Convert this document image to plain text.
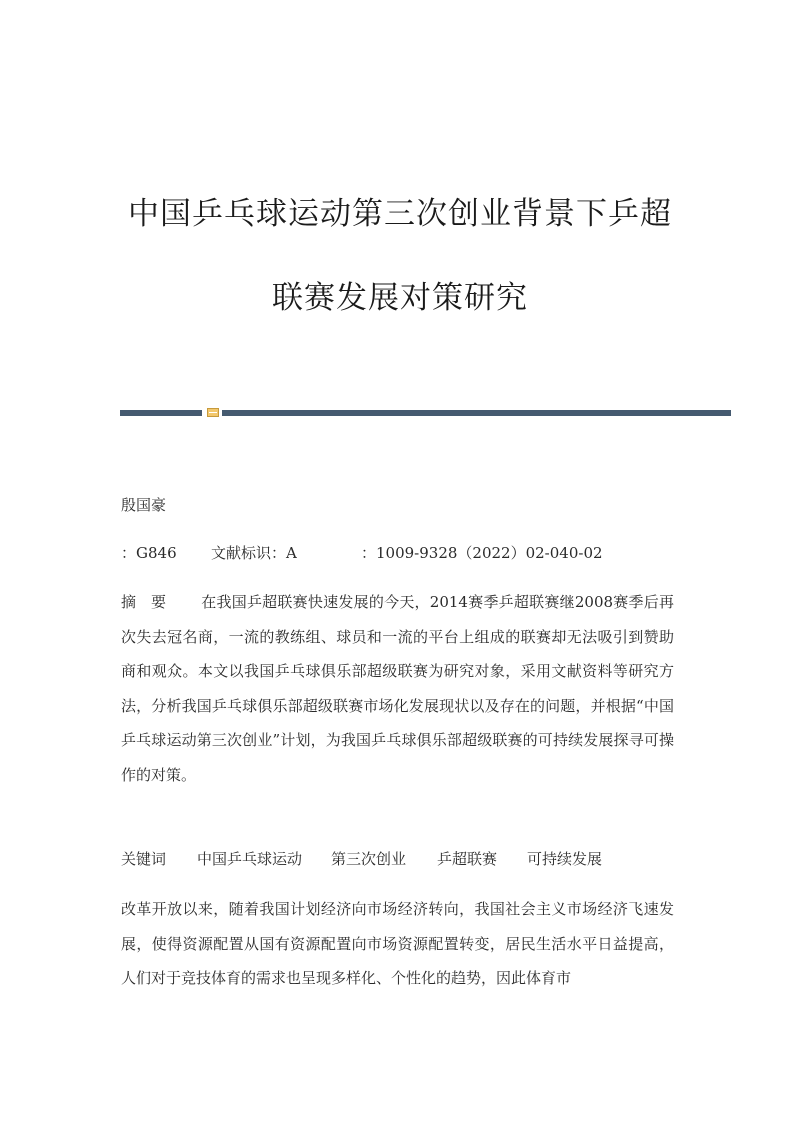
中国乒乓球运动第三次创业背景下乒超
联赛发展对策研究
殷国豪
：G846 文献标识：A	：1009-9328（2022）02-040-02
摘　要 在我国乒超联赛快速发展的今天，2014赛季乒超联赛继2008赛季后再次失去冠名商，一流的教练组、球员和一流的平台上组成的联赛却无法吸引到赞助商和观众。本文以我国乒乓球俱乐部超级联赛为研究对象，采用文献资料等研究方法，分析我国乒乓球俱乐部超级联赛市场化发展现状以及存在的问题，并根据“中国乒乓球运动第三次创业”计划，为我国乒乓球俱乐部超级联赛的可持续发展探寻可操作的对策。
关键词 中国乒乓球运动 第三次创业 乒超联赛 可持续发展
改革开放以来，随着我国计划经济向市场经济转向，我国社会主义市场经济飞速发展，使得资源配置从国有资源配置向市场资源配置转变，居民生活水平日益提高，人们对于竞技体育的需求也呈现多样化、个性化的趋势，因此体育市
